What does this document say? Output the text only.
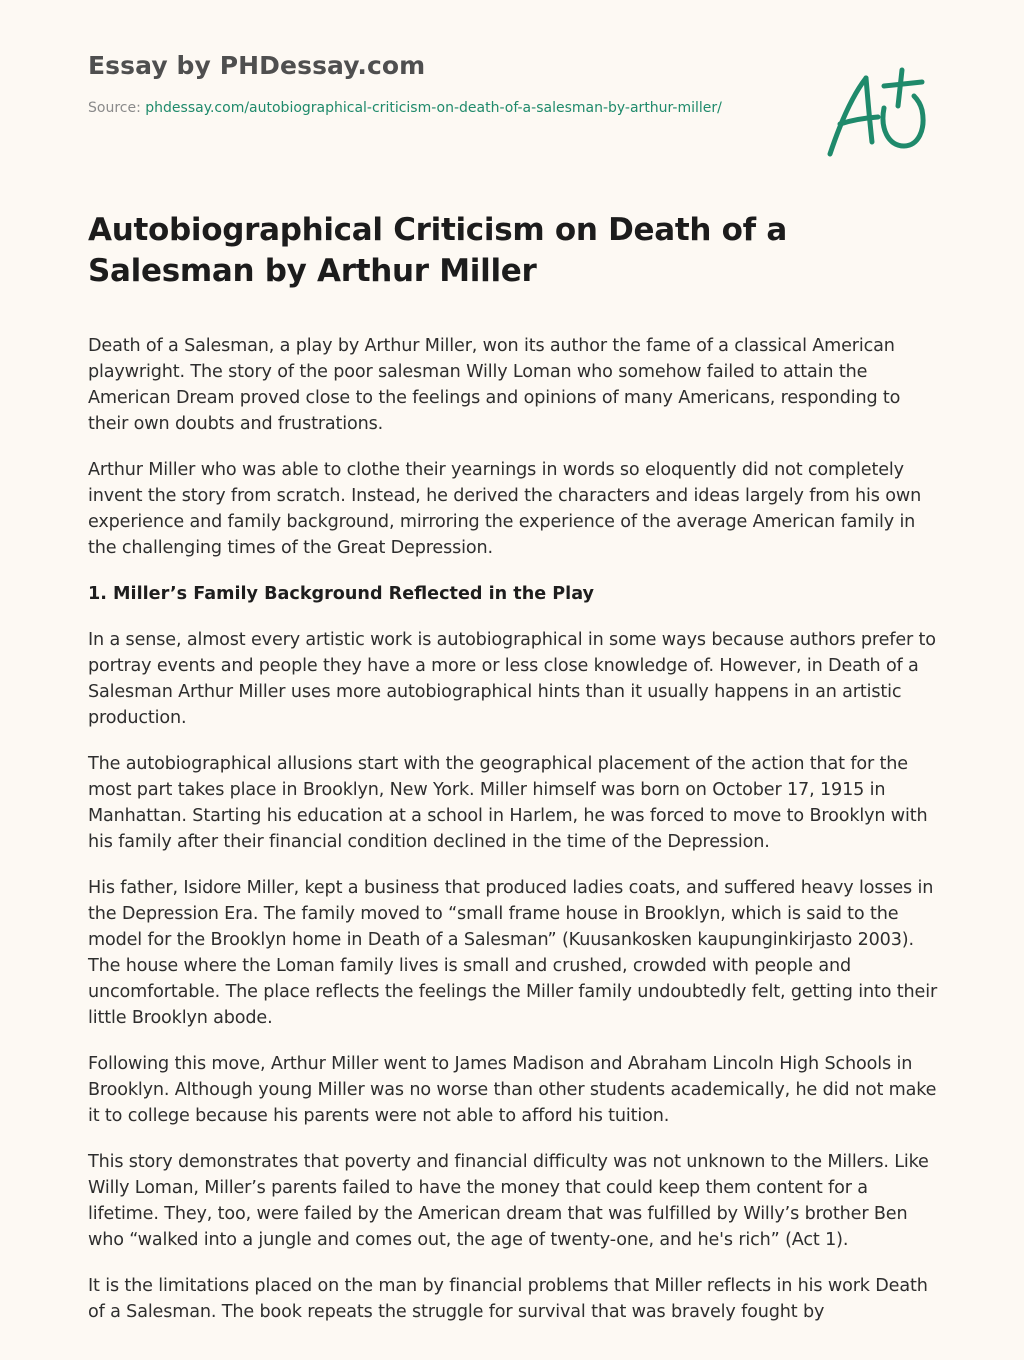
Essay by PHDessay.com
Source: phdessay.com/autobiographical-criticism-on-death-of-a-salesman-by-arthur-miller/
Autobiographical Criticism on Death of a Salesman by Arthur Miller

Death of a Salesman, a play by Arthur Miller, won its author the fame of a classical American playwright. The story of the poor salesman Willy Loman who somehow failed to attain the American Dream proved close to the feelings and opinions of many Americans, responding to their own doubts and frustrations.

Arthur Miller who was able to clothe their yearnings in words so eloquently did not completely invent the story from scratch. Instead, he derived the characters and ideas largely from his own experience and family background, mirroring the experience of the average American family in the challenging times of the Great Depression.

1. Miller’s Family Background Reflected in the Play

In a sense, almost every artistic work is autobiographical in some ways because authors prefer to portray events and people they have a more or less close knowledge of. However, in Death of a Salesman Arthur Miller uses more autobiographical hints than it usually happens in an artistic production.

The autobiographical allusions start with the geographical placement of the action that for the most part takes place in Brooklyn, New York. Miller himself was born on October 17, 1915 in Manhattan. Starting his education at a school in Harlem, he was forced to move to Brooklyn with his family after their financial condition declined in the time of the Depression.

His father, Isidore Miller, kept a business that produced ladies coats, and suffered heavy losses in the Depression Era. The family moved to “small frame house in Brooklyn, which is said to the model for the Brooklyn home in Death of a Salesman” (Kuusankosken kaupunginkirjasto 2003). The house where the Loman family lives is small and crushed, crowded with people and uncomfortable. The place reflects the feelings the Miller family undoubtedly felt, getting into their little Brooklyn abode.

Following this move, Arthur Miller went to James Madison and Abraham Lincoln High Schools in Brooklyn. Although young Miller was no worse than other students academically, he did not make it to college because his parents were not able to afford his tuition.

This story demonstrates that poverty and financial difficulty was not unknown to the Millers. Like Willy Loman, Miller’s parents failed to have the money that could keep them content for a lifetime. They, too, were failed by the American dream that was fulfilled by Willy’s brother Ben who “walked into a jungle and comes out, the age of twenty-one, and he's rich” (Act 1).

It is the limitations placed on the man by financial problems that Miller reflects in his work Death of a Salesman. The book repeats the struggle for survival that was bravely fought by
